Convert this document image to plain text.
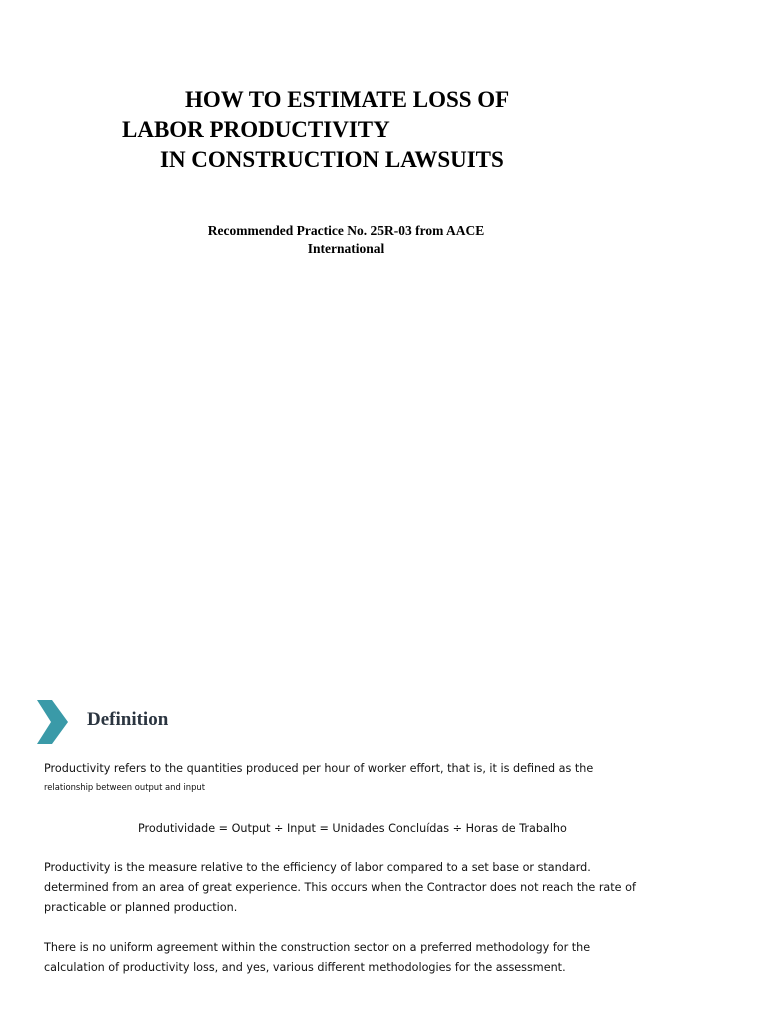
HOW TO ESTIMATE LOSS OF
LABOR PRODUCTIVITY
IN CONSTRUCTION LAWSUITS
Recommended Practice No. 25R-03 from AACE
International
Definition
Productivity refers to the quantities produced per hour of worker effort, that is, it is defined as the
relationship between output and input
Produtividade = Output ÷ Input = Unidades Concluídas ÷ Horas de Trabalho
Productivity is the measure relative to the efficiency of labor compared to a set base or standard.
determined from an area of great experience. This occurs when the Contractor does not reach the rate of
practicable or planned production.
There is no uniform agreement within the construction sector on a preferred methodology for the
calculation of productivity loss, and yes, various different methodologies for the assessment.
